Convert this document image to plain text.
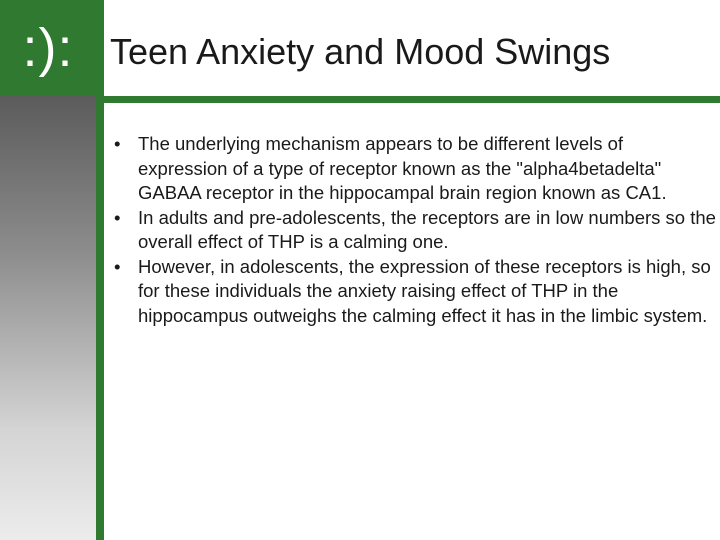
:):	Teen Anxiety and Mood Swings
• The underlying mechanism appears to be different levels of expression of a type of receptor known as the "alpha4betadelta" GABAA receptor in the hippocampal brain region known as CA1.
• In adults and pre-adolescents, the receptors are in low numbers so the overall effect of THP is a calming one.
• However, in adolescents, the expression of these receptors is high, so for these individuals the anxiety raising effect of THP in the hippocampus outweighs the calming effect it has in the limbic system.
